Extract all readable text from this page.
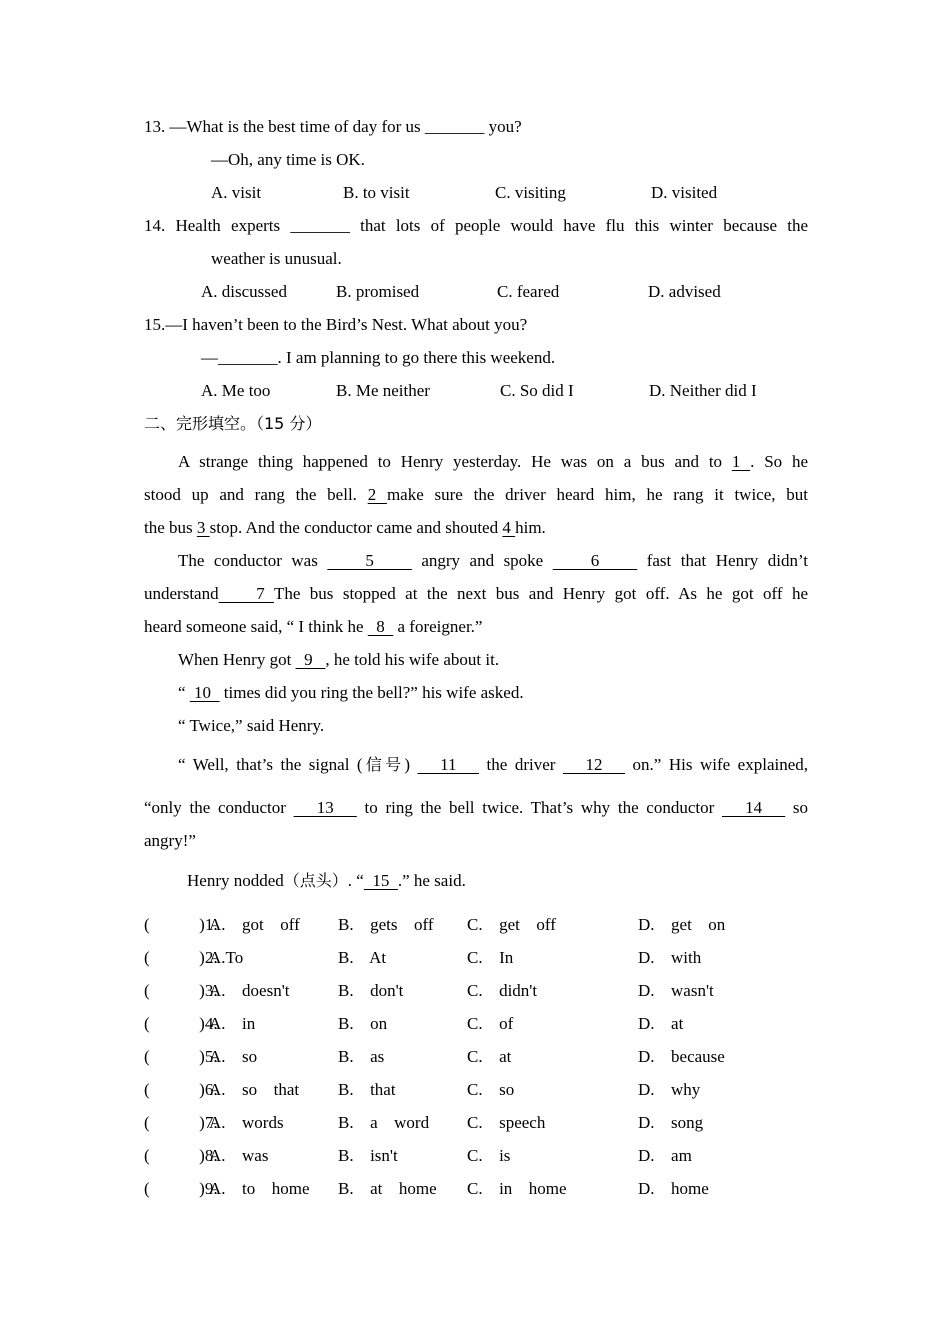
13. —What is the best time of day for us _______ you?
—Oh, any time is OK.
A. visit	B. to visit	C. visiting	D. visited
14. Health experts _______ that lots of people would have flu this winter because the
weather is unusual.
A. discussed	B. promised	C. feared	D. advised
15.—I haven’t been to the Bird’s Nest. What about you?
—_______. I am planning to go there this weekend.
A. Me too	B. Me neither	C. So did I	D. Neither did I
二、完形填空。（15 分）
A strange thing happened to Henry yesterday. He was on a bus and to 1 . So he
stood up and rang the bell. 2 make sure the driver heard him, he rang it twice, but
the bus 3 stop. And the conductor came and shouted 4 him.
The conductor was     5     angry and spoke     6     fast that Henry didn’t
understand    7 The bus stopped at the next bus and Henry got off. As he got off he
heard someone said, “ I think he   8   a foreigner.”
When Henry got   9   , he told his wife about it.
“  10   times did you ring the bell?” his wife asked.
“ Twice,” said Henry.
“ Well, that’s the signal (信号)    11    the driver    12    on.” His wife explained,
“only the conductor    13    to ring the bell twice. That’s why the conductor    14    so
angry!”
Henry nodded（点头）. “  15  .” he said.
(      )1.
A.  got  off B.  gets  off C.  get  off	D.  get  on
(      )2.
A.To	B.  At	C.  In	D.  with
(      )3.
A.  doesn't	B.  don't	C.  didn't	D.  wasn't
(      )4.
A.  in	B.  on	C.  of	D.  at
(      )5.
A.  so	B.  as	C.  at	D.  because
(      )6.
A.  so  that B.  that	C.  so	D.  why
(      )7.
A.  words	B.  a  word C.  speech	D.  song
(      )8.
A.  was	B.  isn't	C.  is	D.  am
(      )9.
A.  to  home B.  at  home C.  in  home	D.  home
